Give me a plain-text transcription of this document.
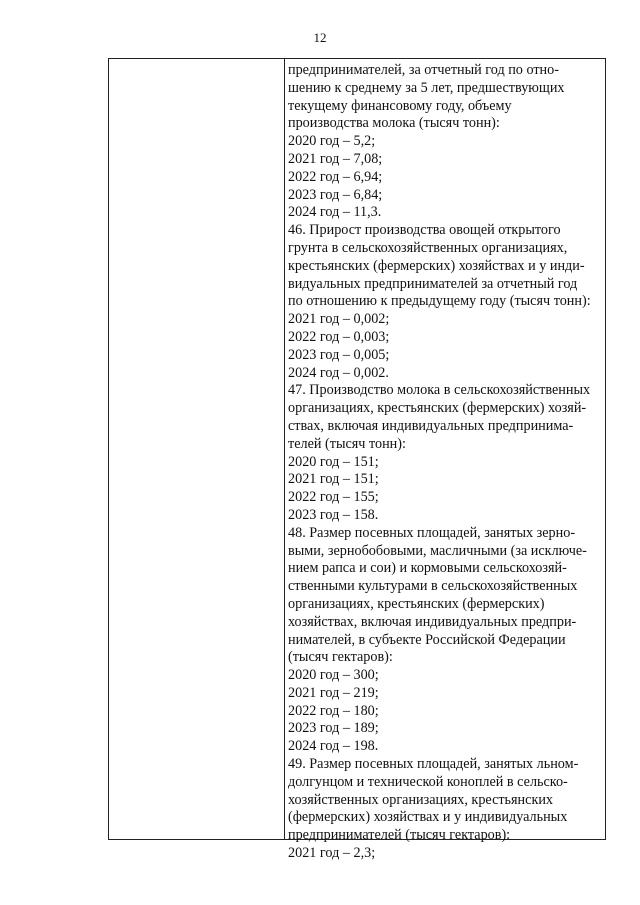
12
предпринимателей, за отчетный год по отно-
шению к среднему за 5 лет, предшествующих
текущему финансовому году, объему
производства молока (тысяч тонн):
2020 год – 5,2;
2021 год – 7,08;
2022 год – 6,94;
2023 год – 6,84;
2024 год – 11,3.
46. Прирост производства овощей открытого
грунта в сельскохозяйственных организациях,
крестьянских (фермерских) хозяйствах и у инди-
видуальных предпринимателей за отчетный год
по отношению к предыдущему году (тысяч тонн):
2021 год – 0,002;
2022 год – 0,003;
2023 год – 0,005;
2024 год – 0,002.
47. Производство молока в сельскохозяйственных
организациях, крестьянских (фермерских) хозяй-
ствах, включая индивидуальных предпринима-
телей (тысяч тонн):
2020 год – 151;
2021 год – 151;
2022 год – 155;
2023 год – 158.
48. Размер посевных площадей, занятых зерно-
выми, зернобобовыми, масличными (за исключе-
нием рапса и сои) и кормовыми сельскохозяй-
ственными культурами в сельскохозяйственных
организациях, крестьянских (фермерских)
хозяйствах, включая индивидуальных предпри-
нимателей, в субъекте Российской Федерации
(тысяч гектаров):
2020 год – 300;
2021 год – 219;
2022 год – 180;
2023 год – 189;
2024 год – 198.
49. Размер посевных площадей, занятых льном-
долгунцом и технической коноплей в сельско-
хозяйственных организациях, крестьянских
(фермерских) хозяйствах и у индивидуальных
предпринимателей (тысяч гектаров):
2021 год – 2,3;
